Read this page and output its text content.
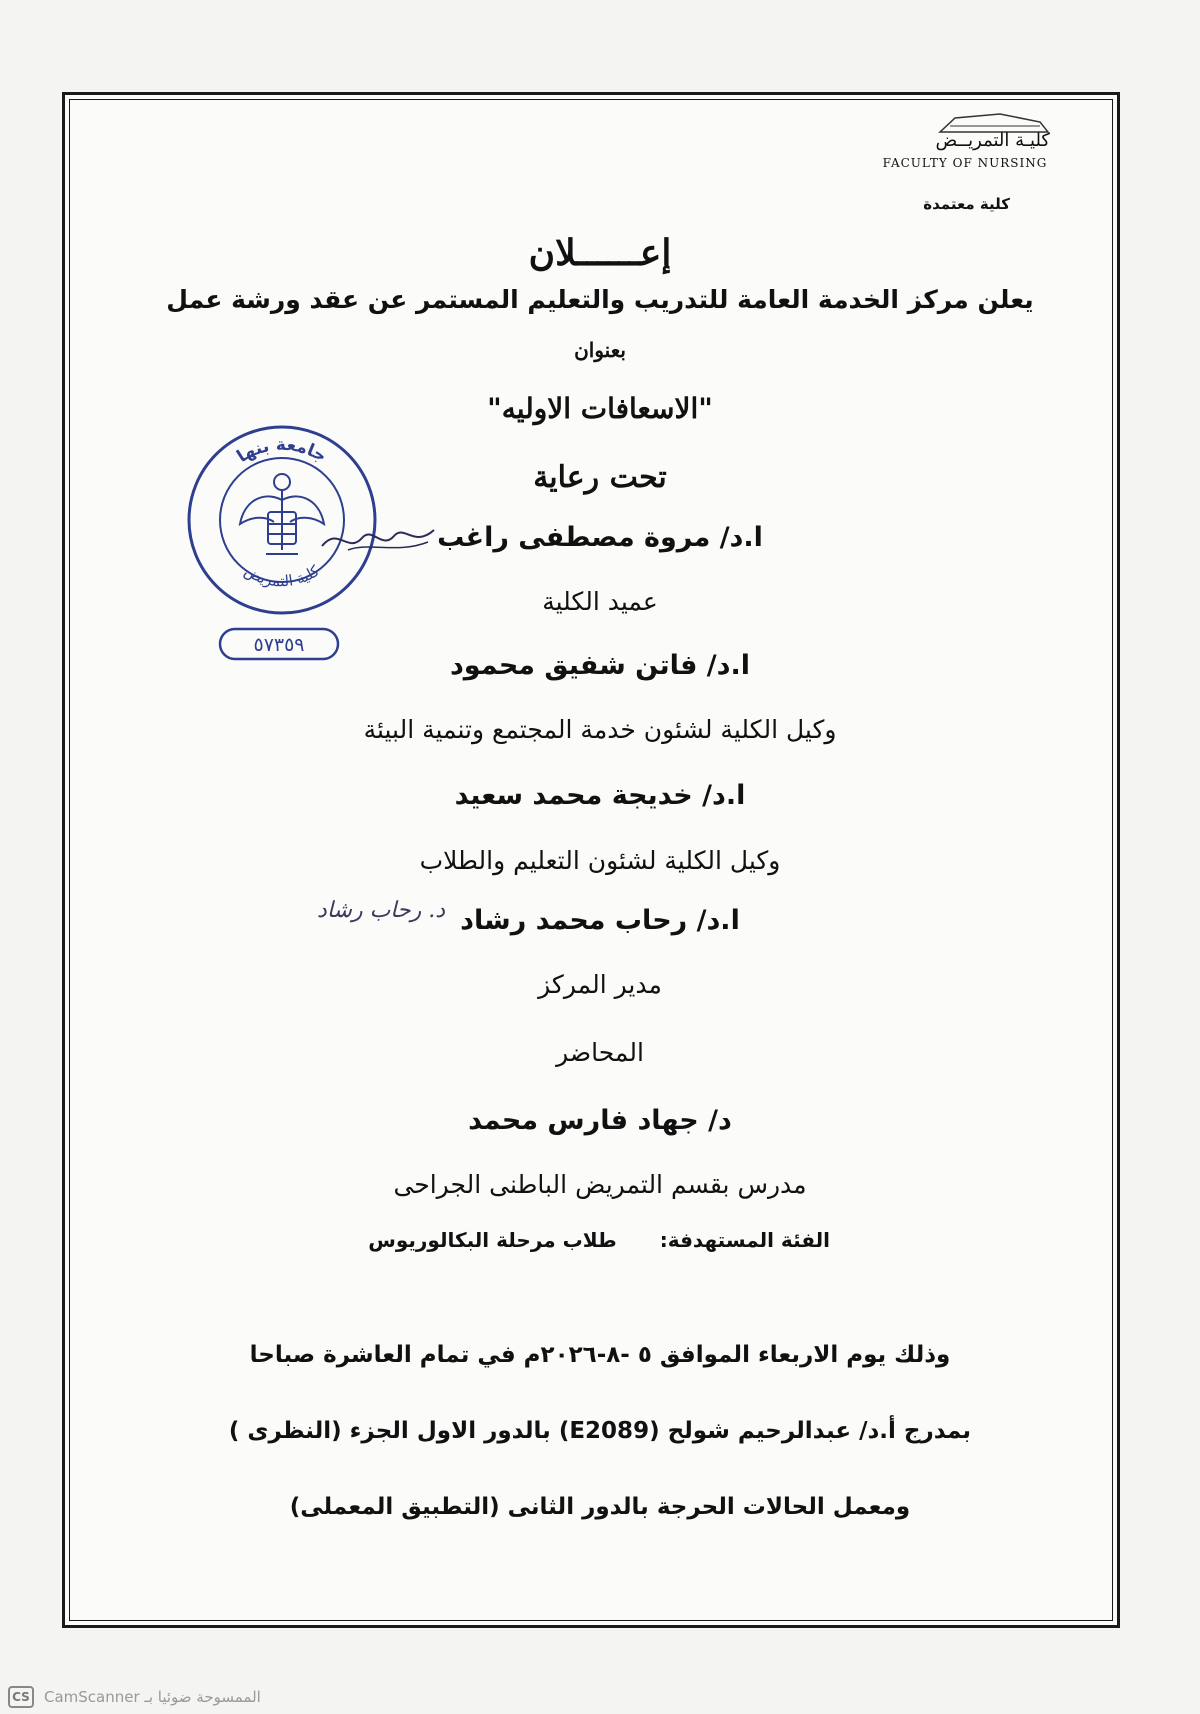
كليـة التمريــض
FACULTY OF NURSING
كلية معتمدة
إعــــــلان
يعلن مركز الخدمة العامة للتدريب والتعليم المستمر عن عقد ورشة عمل
بعنوان
"الاسعافات الاوليه"
تحت رعاية
ا.د/ مروة مصطفى راغب
عميد الكلية
ا.د/ فاتن شفيق محمود
وكيل الكلية لشئون خدمة المجتمع وتنمية البيئة
ا.د/ خديجة محمد سعيد
وكيل الكلية لشئون التعليم والطلاب
ا.د/ رحاب محمد رشاد
مدير المركز
المحاضر
د/ جهاد فارس محمد
مدرس بقسم التمريض الباطنى الجراحى
الفئة المستهدفة: طلاب مرحلة البكالوريوس
وذلك يوم الاربعاء الموافق ٥ -٨-٢٠٢٦م في تمام العاشرة صباحا
بمدرج أ.د/ عبدالرحيم شولح (E2089) بالدور الاول الجزء (النظرى )
ومعمل الحالات الحرجة بالدور الثانى (التطبيق المعملى)
جامعة بنها
كلية التمريض
٥٧٣٥٩
د. رحاب رشاد
CS الممسوحة ضوئيا بـ CamScanner
